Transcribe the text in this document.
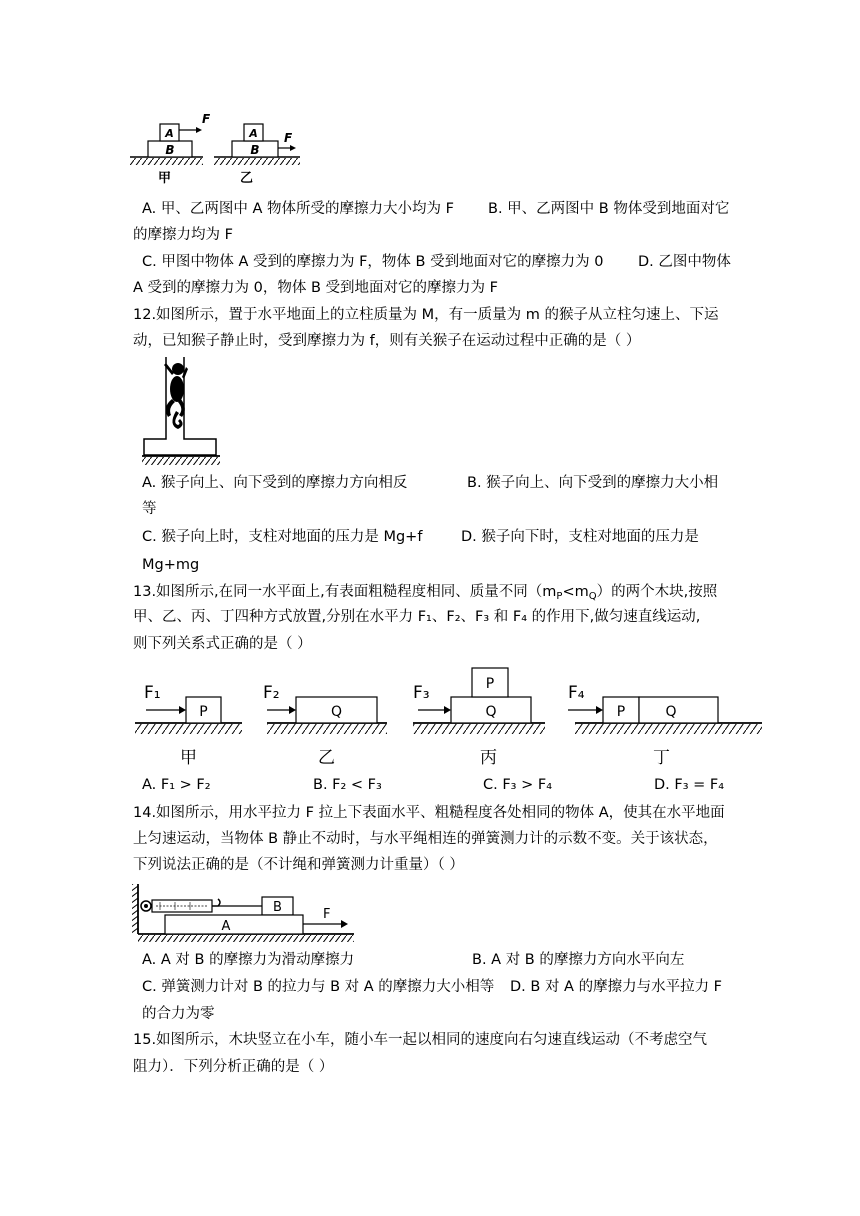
B
A
F
甲
B
A F
乙
A. 甲、乙两图中 A 物体所受的摩擦力大小均为 F B. 甲、乙两图中 B 物体受到地面对它
的摩擦力均为 F
C. 甲图中物体 A 受到的摩擦力为 F，物体 B 受到地面对它的摩擦力为 0 D. 乙图中物体
A 受到的摩擦力为 0，物体 B 受到地面对它的摩擦力为 F
12.如图所示，置于水平地面上的立柱质量为 M，有一质量为 m 的猴子从立柱匀速上、下运
动，已知猴子静止时，受到摩擦力为 f，则有关猴子在运动过程中正确的是（ ）
A. 猴子向上、向下受到的摩擦力方向相反	B. 猴子向上、向下受到的摩擦力大小相
等
C. 猴子向上时，支柱对地面的压力是 Mg+f	D. 猴子向下时，支柱对地面的压力是
Mg+mg
13.如图所示,在同一水平面上,有表面粗糙程度相同、质量不同$(m_P<m_Q)$的两个木块,按照
甲、乙、丙、丁四种方式放置,分别在水平力 F₁、F₂、F₃ 和 F₄ 的作用下,做匀速直线运动,
则下列关系式正确的是（ ）
P
F₁
甲
Q
F₂
乙
Q
P
F₃
丙
P	Q
F₄
丁
A. F₁ > F₂	B. F₂ < F₃	C. F₃ > F₄	D. F₃ = F₄
14.如图所示，用水平拉力 F 拉上下表面水平、粗糙程度各处相同的物体 A，使其在水平地面
上匀速运动，当物体 B 静止不动时，与水平绳相连的弹簧测力计的示数不变。关于该状态，
下列说法正确的是（不计绳和弹簧测力计重量）（ ）
B
A
F
A. A 对 B 的摩擦力为滑动摩擦力	B. A 对 B 的摩擦力方向水平向左
C. 弹簧测力计对 B 的拉力与 B 对 A 的摩擦力大小相等 D. B 对 A 的摩擦力与水平拉力 F
的合力为零
15.如图所示，木块竖立在小车，随小车一起以相同的速度向右匀速直线运动（不考虑空气
阻力）．下列分析正确的是（ ）
